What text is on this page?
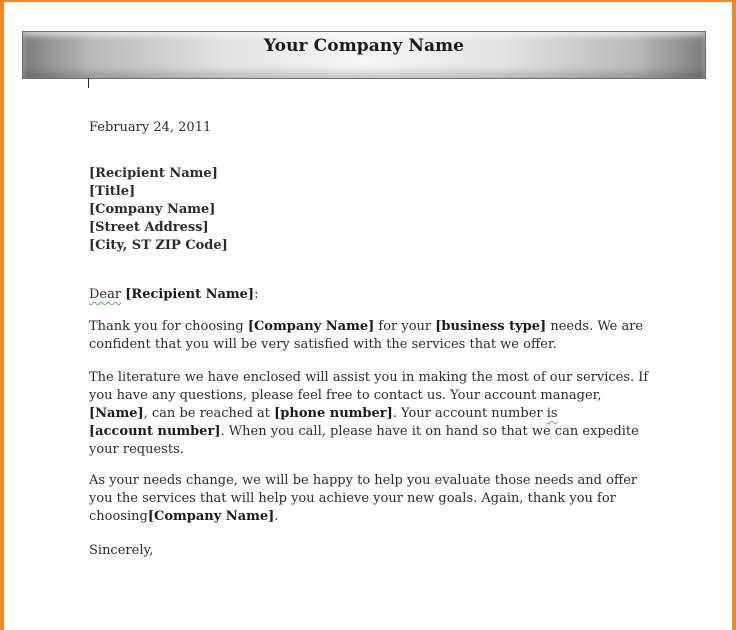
Your Company Name
February 24, 2011
[Recipient Name]
[Title]
[Company Name]
[Street Address]
[City, ST ZIP Code]
Dear [Recipient Name]:
Thank you for choosing [Company Name] for your [business type] needs. We are
confident that you will be very satisfied with the services that we offer.
The literature we have enclosed will assist you in making the most of our services. If
you have any questions, please feel free to contact us. Your account manager,
[Name], can be reached at [phone number]. Your account number is
[account number]. When you call, please have it on hand so that we can expedite
your requests.
As your needs change, we will be happy to help you evaluate those needs and offer
you the services that will help you achieve your new goals. Again, thank you for
choosing[Company Name].
Sincerely,
